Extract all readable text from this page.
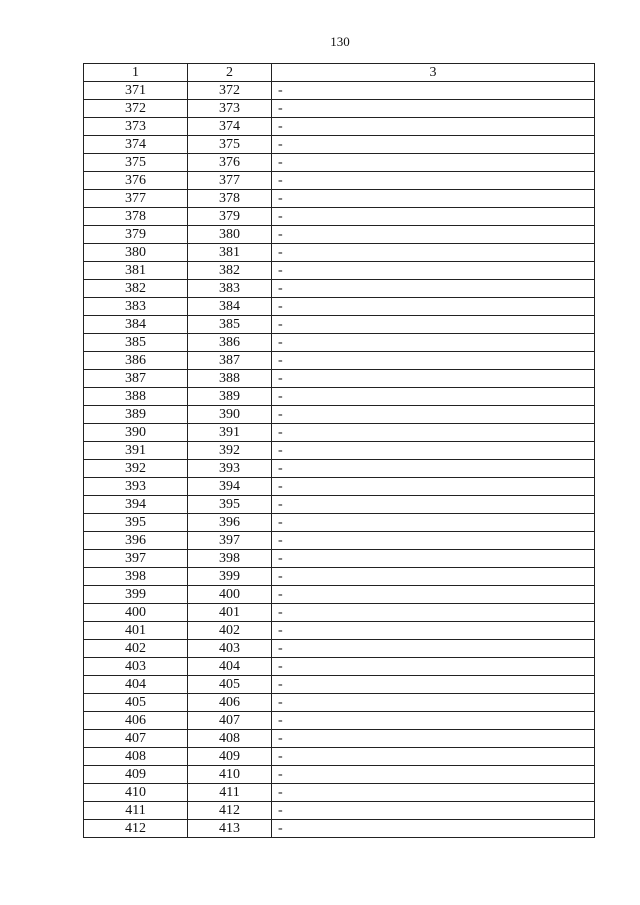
130
1	2	3
371	372	-
372	373	-
373	374	-
374	375	-
375	376	-
376	377	-
377	378	-
378	379	-
379	380	-
380	381	-
381	382	-
382	383	-
383	384	-
384	385	-
385	386	-
386	387	-
387	388	-
388	389	-
389	390	-
390	391	-
391	392	-
392	393	-
393	394	-
394	395	-
395	396	-
396	397	-
397	398	-
398	399	-
399	400	-
400	401	-
401	402	-
402	403	-
403	404	-
404	405	-
405	406	-
406	407	-
407	408	-
408	409	-
409	410	-
410	411	-
411	412	-
412	413	-
